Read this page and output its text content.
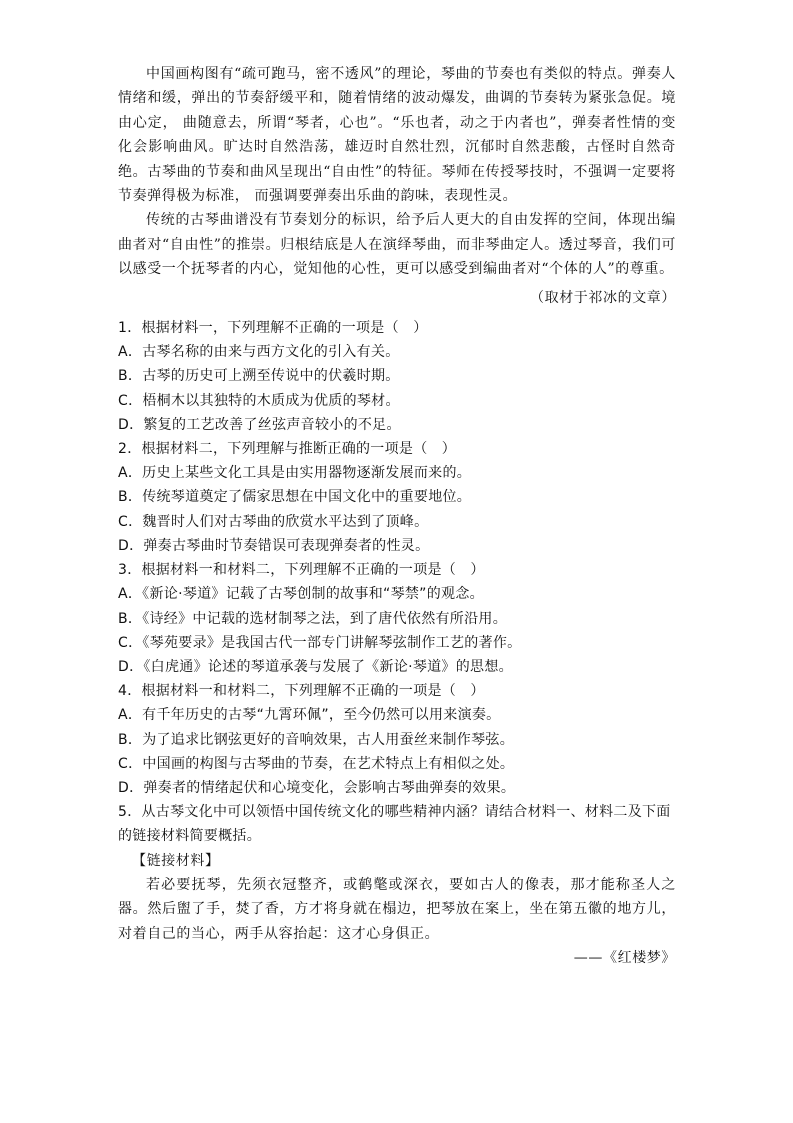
中国画构图有“疏可跑马，密不透风”的理论，琴曲的节奏也有类似的特点。弹奏人情绪和缓，弹出的节奏舒缓平和，随着情绪的波动爆发，曲调的节奏转为紧张急促。境由心定， 曲随意去，所谓“琴者，心也”。“乐也者，动之于内者也”，弹奏者性情的变化会影响曲风。旷达时自然浩荡，雄迈时自然壮烈，沉郁时自然悲酸，古怪时自然奇绝。古琴曲的节奏和曲风呈现出“自由性”的特征。琴师在传授琴技时，不强调一定要将节奏弹得极为标准， 而强调要弹奏出乐曲的韵味，表现性灵。

传统的古琴曲谱没有节奏划分的标识，给予后人更大的自由发挥的空间，体现出编曲者对“自由性”的推崇。归根结底是人在演绎琴曲，而非琴曲定人。透过琴音，我们可以感受一个抚琴者的内心，觉知他的心性，更可以感受到编曲者对“个体的人”的尊重。

（取材于祁冰的文章）

1．根据材料一，下列理解不正确的一项是（　）

A．古琴名称的由来与西方文化的引入有关。
B．古琴的历史可上溯至传说中的伏羲时期。
C．梧桐木以其独特的木质成为优质的琴材。
D．繁复的工艺改善了丝弦声音较小的不足。

2．根据材料二，下列理解与推断正确的一项是（　）

A．历史上某些文化工具是由实用器物逐渐发展而来的。
B．传统琴道奠定了儒家思想在中国文化中的重要地位。
C．魏晋时人们对古琴曲的欣赏水平达到了顶峰。
D．弹奏古琴曲时节奏错误可表现弹奏者的性灵。

3．根据材料一和材料二，下列理解不正确的一项是（　）

A．《新论·琴道》记载了古琴创制的故事和“琴禁”的观念。
B．《诗经》中记载的选材制琴之法，到了唐代依然有所沿用。
C．《琴苑要录》是我国古代一部专门讲解琴弦制作工艺的著作。
D．《白虎通》论述的琴道承袭与发展了《新论·琴道》的思想。

4．根据材料一和材料二，下列理解不正确的一项是（　）

A．有千年历史的古琴“九霄环佩”，至今仍然可以用来演奏。
B．为了追求比钢弦更好的音响效果，古人用蚕丝来制作琴弦。
C．中国画的构图与古琴曲的节奏，在艺术特点上有相似之处。
D．弹奏者的情绪起伏和心境变化，会影响古琴曲弹奏的效果。

5．从古琴文化中可以领悟中国传统文化的哪些精神内涵？请结合材料一、材料二及下面的链接材料简要概括。

【链接材料】

若必要抚琴，先须衣冠整齐，或鹤氅或深衣，要如古人的像表，那才能称圣人之器。然后盥了手，焚了香，方才将身就在榻边，把琴放在案上，坐在第五徽的地方儿，对着自己的当心，两手从容抬起：这才心身俱正。

——《红楼梦》
